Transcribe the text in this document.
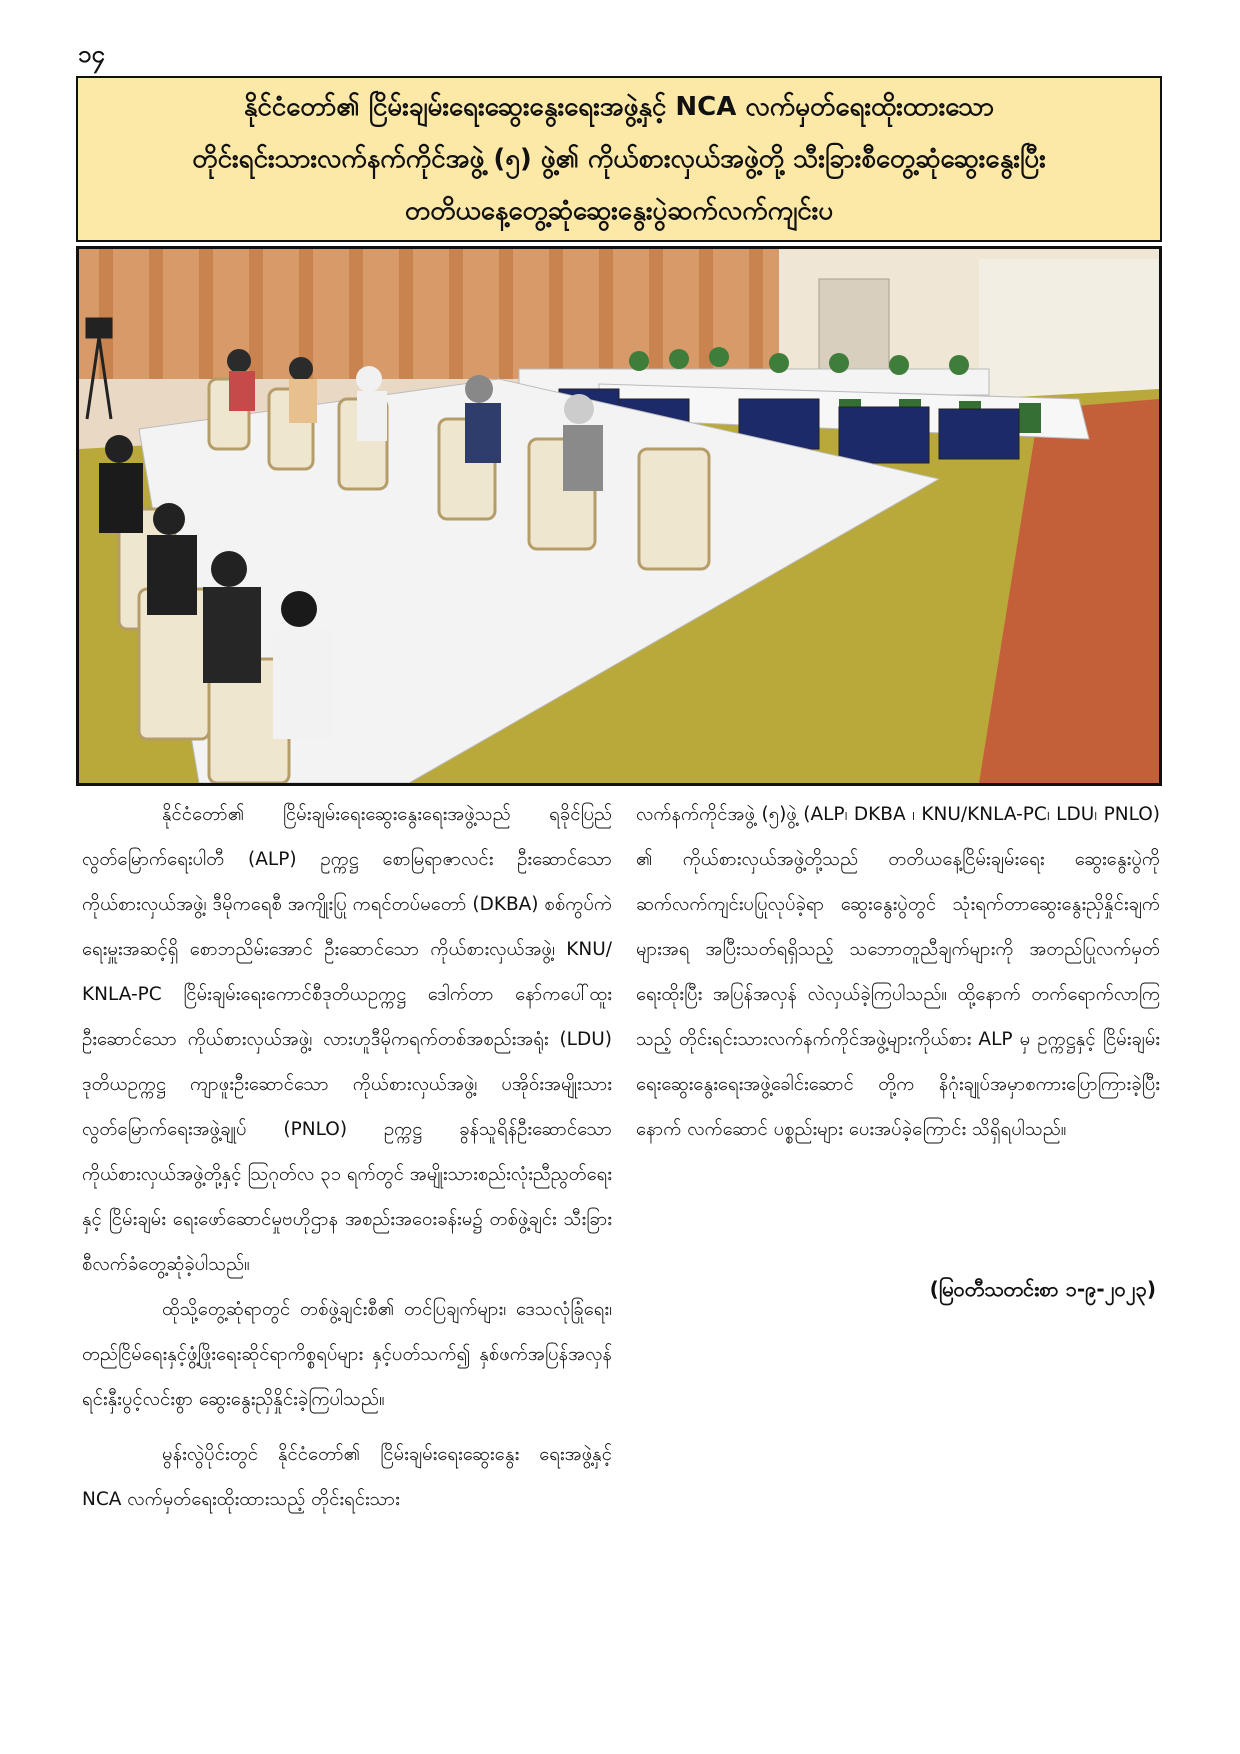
၁၄
နိုင်ငံတော်၏ ငြိမ်းချမ်းရေးဆွေးနွေးရေးအဖွဲ့နှင့် NCA လက်မှတ်ရေးထိုးထားသော
တိုင်းရင်းသားလက်နက်ကိုင်အဖွဲ့ (၅) ဖွဲ့၏ ကိုယ်စားလှယ်အဖွဲ့တို့ သီးခြားစီတွေ့ဆုံဆွေးနွေးပြီး
တတိယနေ့တွေ့ဆုံဆွေးနွေးပွဲဆက်လက်ကျင်းပ

နိုင်ငံတော်၏ ငြိမ်းချမ်းရေးဆွေးနွေးရေးအဖွဲ့သည် ရခိုင်ပြည်လွတ်မြောက်ရေးပါတီ (ALP) ဥက္ကဋ္ဌ စောမြရာဇာလင်း ဦးဆောင်သော ကိုယ်စားလှယ်အဖွဲ့၊ ဒီမိုကရေစီ အကျိုးပြု ကရင်တပ်မတော် (DKBA) စစ်ကွပ်ကဲရေးမှူးအဆင့်ရှိ စောဘညိမ်းအောင် ဦးဆောင်သော ကိုယ်စားလှယ်အဖွဲ့၊ KNU/ KNLA-PC ငြိမ်းချမ်းရေးကောင်စီဒုတိယဥက္ကဋ္ဌ ဒေါက်တာ နော်ကပေါ်ထူးဦးဆောင်သော ကိုယ်စားလှယ်အဖွဲ့၊ လားဟူဒီမိုကရက်တစ်အစည်းအရုံး (LDU) ဒုတိယဥက္ကဋ္ဌ ကျာဖူးဦးဆောင်သော ကိုယ်စားလှယ်အဖွဲ့၊ ပအိုဝ်းအမျိုးသားလွတ်မြောက်ရေးအဖွဲ့ချုပ် (PNLO) ဥက္ကဋ္ဌ ခွန်သူရိန်ဦးဆောင်သော ကိုယ်စားလှယ်အဖွဲ့တို့နှင့် ဩဂုတ်လ ၃၁ ရက်တွင် အမျိုးသားစည်းလုံးညီညွတ်ရေးနှင့် ငြိမ်းချမ်း ရေးဖော်ဆောင်မှုဗဟိုဌာန အစည်းအဝေးခန်းမ၌ တစ်ဖွဲ့ချင်း သီးခြားစီလက်ခံတွေ့ဆုံခဲ့ပါသည်။

ထိုသို့တွေ့ဆုံရာတွင် တစ်ဖွဲ့ချင်းစီ၏ တင်ပြချက်များ၊ ဒေသလုံခြုံရေး၊ တည်ငြိမ်ရေးနှင့်ဖွံ့ဖြိုးရေးဆိုင်ရာကိစ္စရပ်များ နှင့်ပတ်သက်၍ နှစ်ဖက်အပြန်အလှန် ရင်းနှီးပွင့်လင်းစွာ ဆွေးနွေးညှိနှိုင်းခဲ့ကြပါသည်။

မွန်းလွဲပိုင်းတွင် နိုင်ငံတော်၏ ငြိမ်းချမ်းရေးဆွေးနွေး ရေးအဖွဲ့နှင့် NCA လက်မှတ်ရေးထိုးထားသည့် တိုင်းရင်းသား

လက်နက်ကိုင်အဖွဲ့ (၅)ဖွဲ့ (ALP၊ DKBA ၊ KNU/KNLA-PC၊ LDU၊ PNLO) ၏ ကိုယ်စားလှယ်အဖွဲ့တို့သည် တတိယနေ့ငြိမ်းချမ်းရေး ဆွေးနွေးပွဲကို ဆက်လက်ကျင်းပပြုလုပ်ခဲ့ရာ ဆွေးနွေးပွဲတွင် သုံးရက်တာဆွေးနွေးညှိနှိုင်းချက်များအရ အပြီးသတ်ရရှိသည့် သဘောတူညီချက်များကို အတည်ပြုလက်မှတ်ရေးထိုးပြီး အပြန်အလှန် လဲလှယ်ခဲ့ကြပါသည်။ ထို့နောက် တက်ရောက်လာကြသည့် တိုင်းရင်းသားလက်နက်ကိုင်အဖွဲ့များကိုယ်စား ALP မှ ဥက္ကဋ္ဌနှင့် ငြိမ်းချမ်းရေးဆွေးနွေးရေးအဖွဲ့ခေါင်းဆောင် တို့က နိဂုံးချုပ်အမှာစကားပြောကြားခဲ့ပြီးနောက် လက်ဆောင် ပစ္စည်းများ ပေးအပ်ခဲ့ကြောင်း သိရှိရပါသည်။

(မြဝတီသတင်းစာ ၁-၉-၂၀၂၃)
